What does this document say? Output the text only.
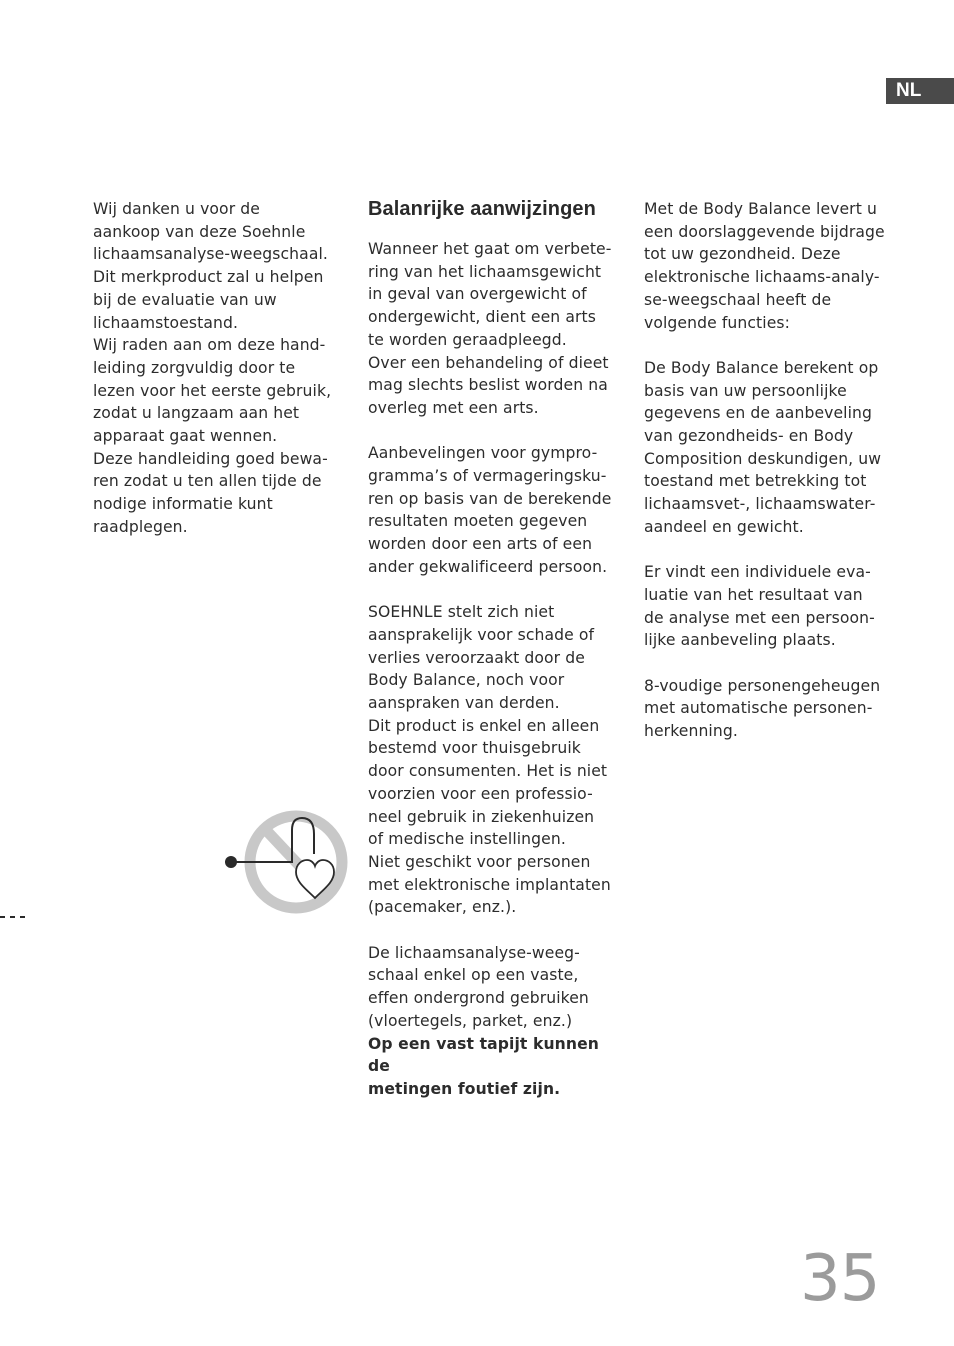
NL

Wij danken u voor de
aankoop van deze Soehnle
lichaamsanalyse-weegschaal.
Dit merkproduct zal u helpen
bij de evaluatie van uw
lichaamstoestand.
Wij raden aan om deze hand-
leiding zorgvuldig door te
lezen voor het eerste gebruik,
zodat u langzaam aan het
apparaat gaat wennen.
Deze handleiding goed bewa-
ren zodat u ten allen tijde de
nodige informatie kunt
raadplegen.

Balanrijke aanwijzingen

Wanneer het gaat om verbete-
ring van het lichaamsgewicht
in geval van overgewicht of
ondergewicht, dient een arts
te worden geraadpleegd.
Over een behandeling of dieet
mag slechts beslist worden na
overleg met een arts.

Aanbevelingen voor gympro-
gramma’s of vermageringsku-
ren op basis van de berekende
resultaten moeten gegeven
worden door een arts of een
ander gekwalificeerd persoon.

SOEHNLE stelt zich niet
aansprakelijk voor schade of
verlies veroorzaakt door de
Body Balance, noch voor
aanspraken van derden.
Dit product is enkel en alleen
bestemd voor thuisgebruik
door consumenten. Het is niet
voorzien voor een professio-
neel gebruik in ziekenhuizen
of medische instellingen.
Niet geschikt voor personen
met elektronische implantaten
(pacemaker, enz.).

De lichaamsanalyse-weeg-
schaal enkel op een vaste,
effen ondergrond gebruiken
(vloertegels, parket, enz.)

Op een vast tapijt kunnen de
metingen foutief zijn.

Met de Body Balance levert u
een doorslaggevende bijdrage
tot uw gezondheid. Deze
elektronische lichaams-analy-
se-weegschaal heeft de
volgende functies:

De Body Balance berekent op
basis van uw persoonlijke
gegevens en de aanbeveling
van gezondheids- en Body
Composition deskundigen, uw
toestand met betrekking tot
lichaamsvet-, lichaamswater-
aandeel en gewicht.

Er vindt een individuele eva-
luatie van het resultaat van
de analyse met een persoon-
lijke aanbeveling plaats.

8-voudige personengeheugen
met automatische personen-
herkenning.

35
